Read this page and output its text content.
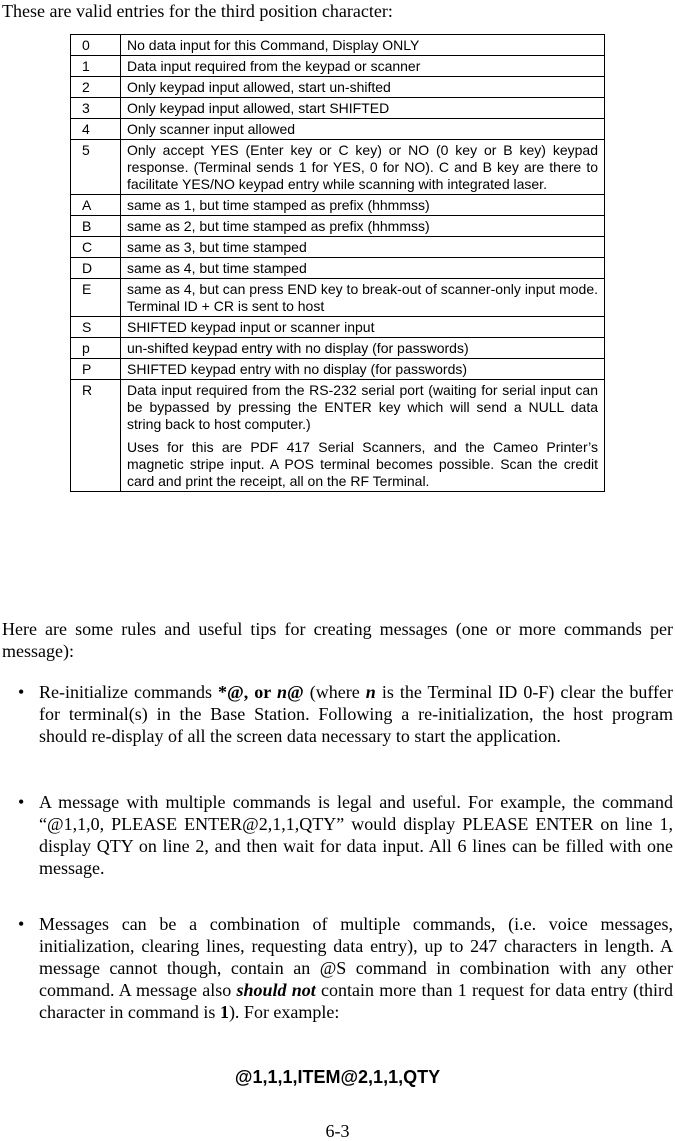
These are valid entries for the third position character:
0	No data input for this Command, Display ONLY

1	Data input required from the keypad or scanner

2	Only keypad input allowed, start un-shifted

3	Only keypad input allowed, start SHIFTED

4	Only scanner input allowed

5	Only accept YES (Enter key or C key) or NO (0 key or B key) keypad response. (Terminal sends 1 for YES, 0 for NO). C and B key are there to facilitate YES/NO keypad entry while scanning with integrated laser.

A	same as 1, but time stamped as prefix (hhmmss)

B	same as 2, but time stamped as prefix (hhmmss)

C	same as 3, but time stamped

D	same as 4, but time stamped

E	same as 4, but can press END key to break-out of scanner-only input mode. Terminal ID + CR is sent to host

S	SHIFTED keypad input or scanner input

p	un-shifted keypad entry with no display (for passwords)

P	SHIFTED keypad entry with no display (for passwords)

R	Data input required from the RS-232 serial port (waiting for serial input can be bypassed by pressing the ENTER key which will send a NULL data string back to host computer.)

Uses for this are PDF 417 Serial Scanners, and the Cameo Printer’s magnetic stripe input. A POS terminal becomes possible. Scan the credit card and print the receipt, all on the RF Terminal.

Here are some rules and useful tips for creating messages (one or more commands per message):
• Re-initialize commands *@, or n@ (where n is the Terminal ID 0-F) clear the buffer for terminal(s) in the Base Station. Following a re-initialization, the host program should re-display of all the screen data necessary to start the application.
• A message with multiple commands is legal and useful. For example, the command “@1,1,0, PLEASE ENTER@2,1,1,QTY” would display PLEASE ENTER on line 1, display QTY on line 2, and then wait for data input. All 6 lines can be filled with one message.
• Messages can be a combination of multiple commands, (i.e. voice messages, initialization, clearing lines, requesting data entry), up to 247 characters in length. A message cannot though, contain an @S command in combination with any other command. A message also should not contain more than 1 request for data entry (third character in command is 1). For example:
@1,1,1,ITEM@2,1,1,QTY
6-3
